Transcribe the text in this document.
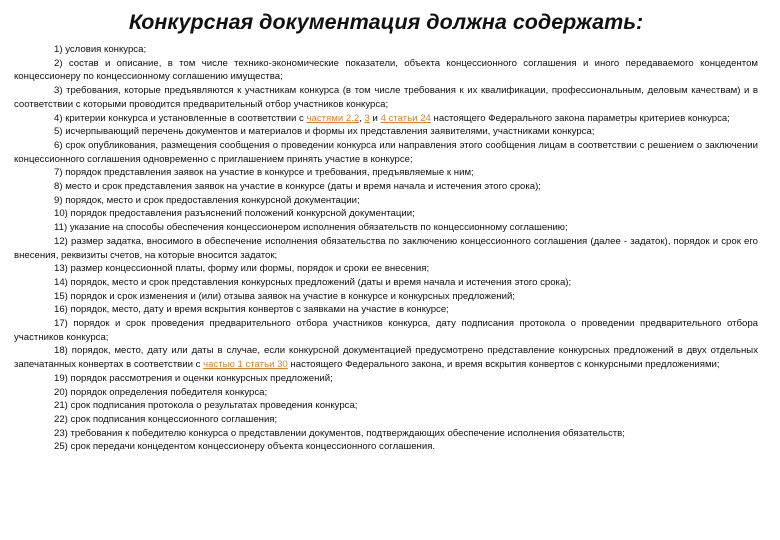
Конкурсная документация должна содержать:

1) условия конкурса;

2) состав и описание, в том числе технико-экономические показатели, объекта концессионного соглашения и иного передаваемого концедентом концессионеру по концессионному соглашению имущества;

3) требования, которые предъявляются к участникам конкурса (в том числе требования к их квалификации, профессиональным, деловым качествам) и в соответствии с которыми проводится предварительный отбор участников конкурса;

4) критерии конкурса и установленные в соответствии с частями 2.2, 3 и 4 статьи 24 настоящего Федерального закона параметры критериев конкурса;

5) исчерпывающий перечень документов и материалов и формы их представления заявителями, участниками конкурса;

6) срок опубликования, размещения сообщения о проведении конкурса или направления этого сообщения лицам в соответствии с решением о заключении концессионного соглашения одновременно с приглашением принять участие в конкурсе;

7) порядок представления заявок на участие в конкурсе и требования, предъявляемые к ним;

8) место и срок представления заявок на участие в конкурсе (даты и время начала и истечения этого срока);

9) порядок, место и срок предоставления конкурсной документации;

10) порядок предоставления разъяснений положений конкурсной документации;

11) указание на способы обеспечения концессионером исполнения обязательств по концессионному соглашению;

12) размер задатка, вносимого в обеспечение исполнения обязательства по заключению концессионного соглашения (далее - задаток), порядок и срок его внесения, реквизиты счетов, на которые вносится задаток;

13) размер концессионной платы, форму или формы, порядок и сроки ее внесения;

14) порядок, место и срок представления конкурсных предложений (даты и время начала и истечения этого срока);

15) порядок и срок изменения и (или) отзыва заявок на участие в конкурсе и конкурсных предложений;

16) порядок, место, дату и время вскрытия конвертов с заявками на участие в конкурсе;

17) порядок и срок проведения предварительного отбора участников конкурса, дату подписания протокола о проведении предварительного отбора участников конкурса;

18) порядок, место, дату или даты в случае, если конкурсной документацией предусмотрено представление конкурсных предложений в двух отдельных запечатанных конвертах в соответствии с частью 1 статьи 30 настоящего Федерального закона, и время вскрытия конвертов с конкурсными предложениями;

19) порядок рассмотрения и оценки конкурсных предложений;

20) порядок определения победителя конкурса;

21) срок подписания протокола о результатах проведения конкурса;

22) срок подписания концессионного соглашения;

23) требования к победителю конкурса о представлении документов, подтверждающих обеспечение исполнения обязательств;

25) срок передачи концедентом концессионеру объекта концессионного соглашения.
